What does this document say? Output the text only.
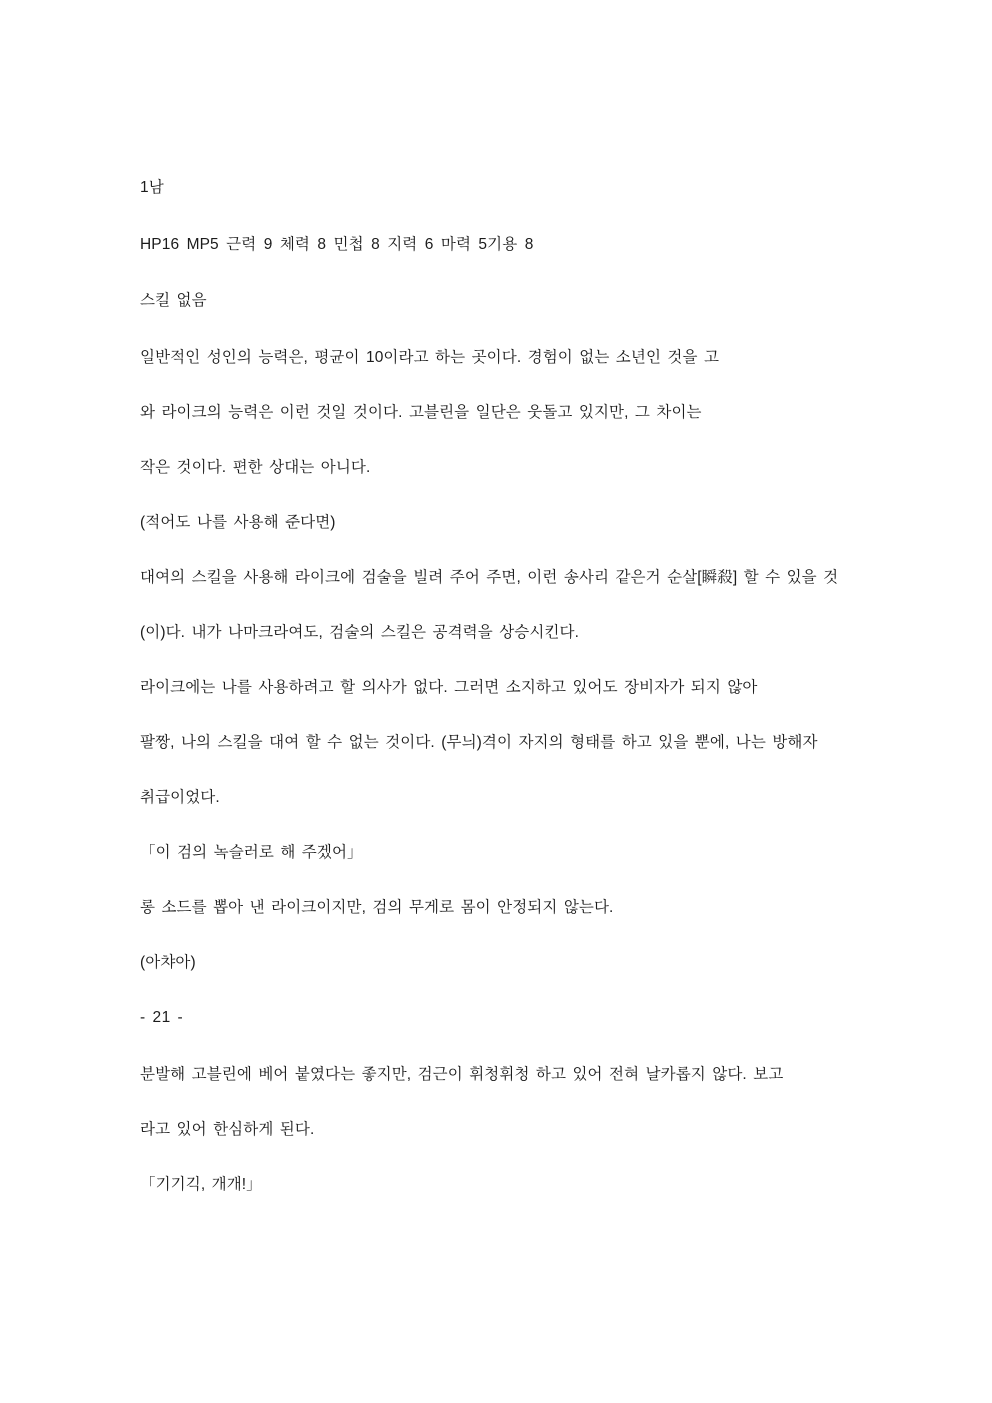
1남

HP16 MP5 근력 9 체력 8 민첩 8 지력 6 마력 5기용 8

스킬 없음

일반적인 성인의 능력은, 평균이 10이라고 하는 곳이다. 경험이 없는 소년인 것을 고

와 라이크의 능력은 이런 것일 것이다. 고블린을 일단은 웃돌고 있지만, 그 차이는

작은 것이다. 편한 상대는 아니다.

(적어도 나를 사용해 준다면)

대여의 스킬을 사용해 라이크에 검술을 빌려 주어 주면, 이런 송사리 같은거 순살[瞬殺] 할 수 있을 것

(이)다. 내가 나마크라여도, 검술의 스킬은 공격력을 상승시킨다.

라이크에는 나를 사용하려고 할 의사가 없다. 그러면 소지하고 있어도 장비자가 되지 않아

팔짱, 나의 스킬을 대여 할 수 없는 것이다. (무늬)격이 자지의 형태를 하고 있을 뿐에, 나는 방해자

취급이었다.

「이 검의 녹슬러로 해 주겠어」

롱 소드를 뽑아 낸 라이크이지만, 검의 무게로 몸이 안정되지 않는다.

(아챠아)

- 21 -

분발해 고블린에 베어 붙였다는 좋지만, 검근이 휘청휘청 하고 있어 전혀 날카롭지 않다. 보고

라고 있어 한심하게 된다.

「기기긱, 개개!」
